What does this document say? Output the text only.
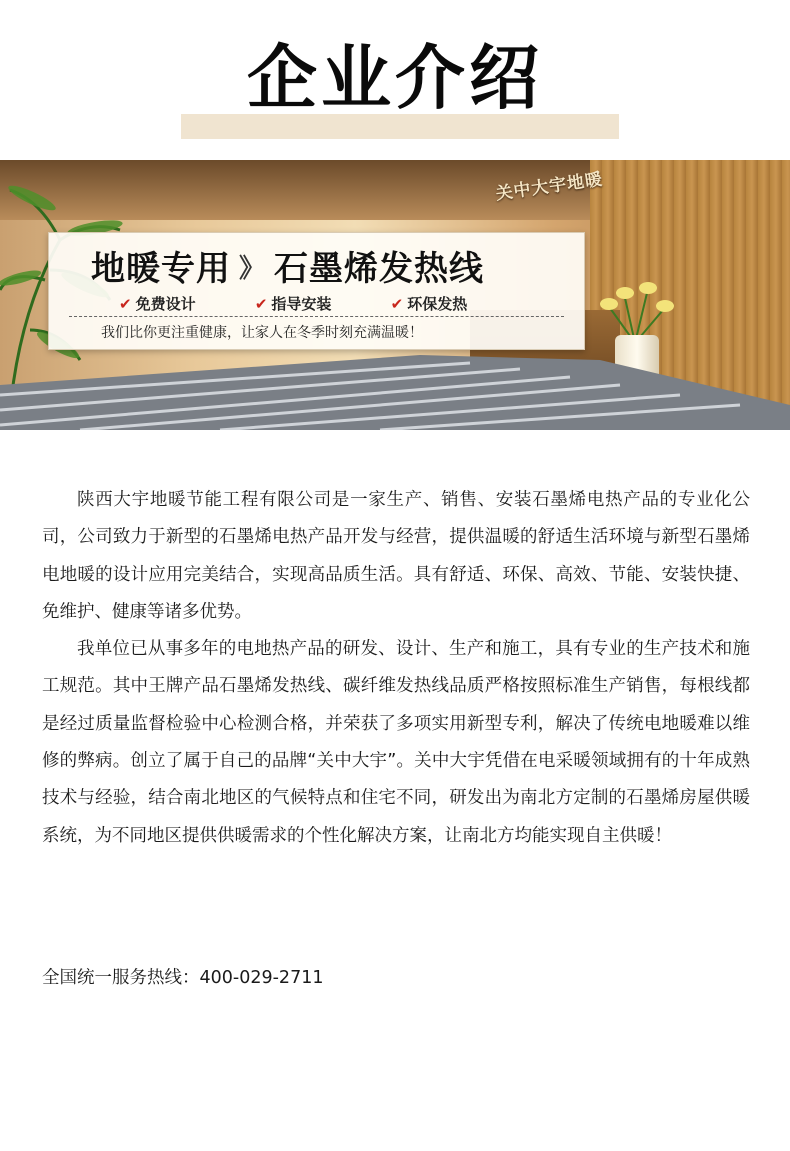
企业介绍
关中大宇地暖
地暖专用 》 石墨烯发热线
✔ 免费设计	✔ 指导安装	✔ 环保发热
我们比你更注重健康，让家人在冬季时刻充满温暖！

陕西大宇地暖节能工程有限公司是一家生产、销售、安装石墨烯电热产品的专业化公司，公司致力于新型的石墨烯电热产品开发与经营，提供温暖的舒适生活环境与新型石墨烯电地暖的设计应用完美结合，实现高品质生活。具有舒适、环保、高效、节能、安装快捷、免维护、健康等诸多优势。

我单位已从事多年的电地热产品的研发、设计、生产和施工，具有专业的生产技术和施工规范。其中王牌产品石墨烯发热线、碳纤维发热线品质严格按照标准生产销售，每根线都是经过质量监督检验中心检测合格，并荣获了多项实用新型专利，解决了传统电地暖难以维修的弊病。创立了属于自己的品牌“关中大宇”。关中大宇凭借在电采暖领域拥有的十年成熟技术与经验，结合南北地区的气候特点和住宅不同，研发出为南北方定制的石墨烯房屋供暖系统，为不同地区提供供暖需求的个性化解决方案，让南北方均能实现自主供暖！

全国统一服务热线：400-029-2711
